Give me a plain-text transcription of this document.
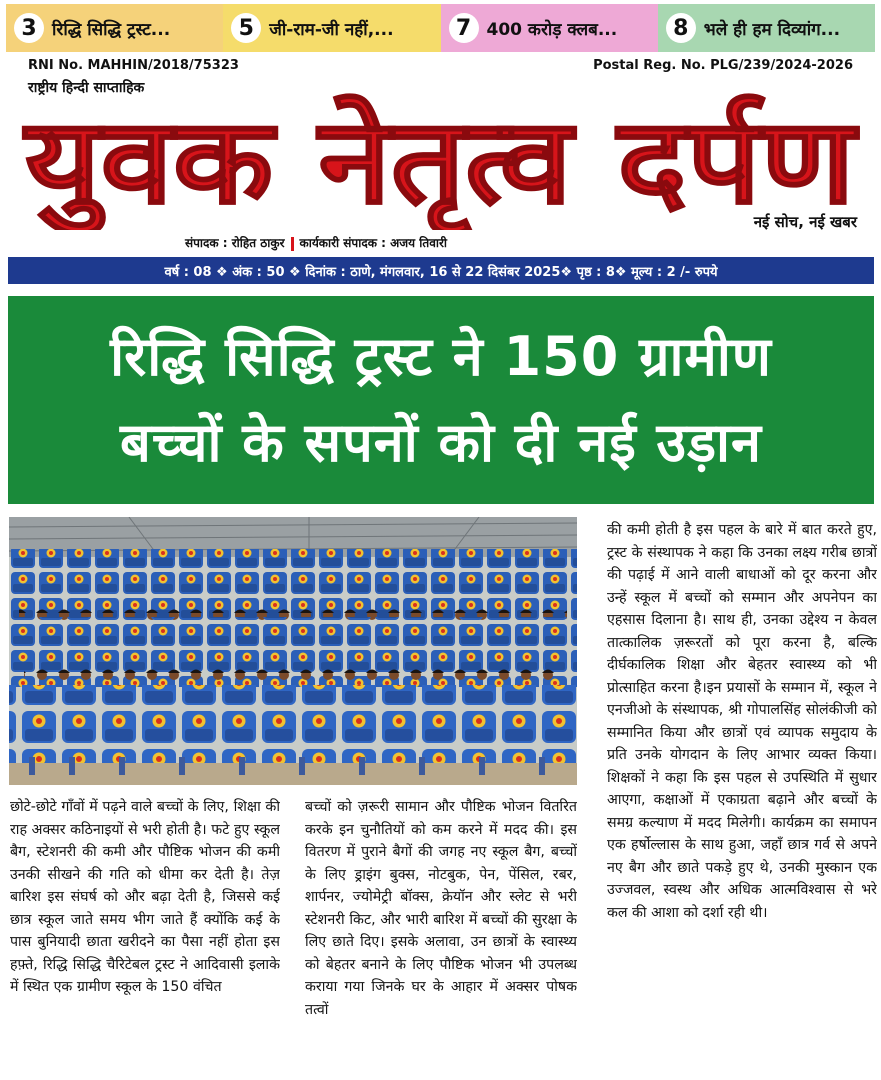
3 रिद्धि सिद्धि ट्रस्ट...	5 जी-राम-जी नहीं,...	7 400 करोड़ क्लब...	8 भले ही हम दिव्यांग...
RNI No. MAHHIN/2018/75323	Postal Reg. No. PLG/239/2024-2026
राष्ट्रीय हिन्दी साप्ताहिक
युवक नेतृत्व दर्पण
नई सोच, नई खबर
संपादक : रोहित ठाकुर कार्यकारी संपादक : अजय तिवारी
वर्ष : 08 ❖ अंक : 50 ❖ दिनांक : ठाणे, मंगलवार, 16 से 22 दिसंबर 2025❖ पृष्ठ : 8❖ मूल्य : 2 /- रुपये
रिद्धि सिद्धि ट्रस्ट ने 150 ग्रामीण
बच्चों के सपनों को दी नई उड़ान
छोटे-छोटे गाँवों में पढ़ने वाले बच्चों के लिए, शिक्षा की राह अक्सर कठिनाइयों से भरी होती है। फटे हुए स्कूल बैग, स्टेशनरी की कमी और पौष्टिक भोजन की कमी उनकी सीखने की गति को धीमा कर देती है। तेज़ बारिश इस संघर्ष को और बढ़ा देती है, जिससे कई छात्र स्कूल जाते समय भीग जाते हैं क्योंकि कई के पास बुनियादी छाता खरीदने का पैसा नहीं होता इस हफ़्ते, रिद्धि सिद्धि चैरिटेबल ट्रस्ट ने आदिवासी इलाके में स्थित एक ग्रामीण स्कूल के 150 वंचित
बच्चों को ज़रूरी सामान और पौष्टिक भोजन वितरित करके इन चुनौतियों को कम करने में मदद की। इस वितरण में पुराने बैगों की जगह नए स्कूल बैग, बच्चों के लिए ड्राइंग बुक्स, नोटबुक, पेन, पेंसिल, रबर, शार्पनर, ज्योमेट्री बॉक्स, क्रेयॉन और स्लेट से भरी स्टेशनरी किट, और भारी बारिश में बच्चों की सुरक्षा के लिए छाते दिए। इसके अलावा, उन छात्रों के स्वास्थ्य को बेहतर बनाने के लिए पौष्टिक भोजन भी उपलब्ध कराया गया जिनके घर के आहार में अक्सर पोषक तत्वों
की कमी होती है इस पहल के बारे में बात करते हुए, ट्रस्ट के संस्थापक ने कहा कि उनका लक्ष्य गरीब छात्रों की पढ़ाई में आने वाली बाधाओं को दूर करना और उन्हें स्कूल में बच्चों को सम्मान और अपनेपन का एहसास दिलाना है। साथ ही, उनका उद्देश्य न केवल तात्कालिक ज़रूरतों को पूरा करना है, बल्कि दीर्घकालिक शिक्षा और बेहतर स्वास्थ्य को भी प्रोत्साहित करना है।इन प्रयासों के सम्मान में, स्कूल ने एनजीओ के संस्थापक, श्री गोपालसिंह सोलंकीजी को सम्मानित किया और छात्रों एवं व्यापक समुदाय के प्रति उनके योगदान के लिए आभार व्यक्त किया। शिक्षकों ने कहा कि इस पहल से उपस्थिति में सुधार आएगा, कक्षाओं में एकाग्रता बढ़ाने और बच्चों के समग्र कल्याण में मदद मिलेगी। कार्यक्रम का समापन एक हर्षोल्लास के साथ हुआ, जहाँ छात्र गर्व से अपने नए बैग और छाते पकड़े हुए थे, उनकी मुस्कान एक उज्जवल, स्वस्थ और अधिक आत्मविश्वास से भरे कल की आशा को दर्शा रही थी।
